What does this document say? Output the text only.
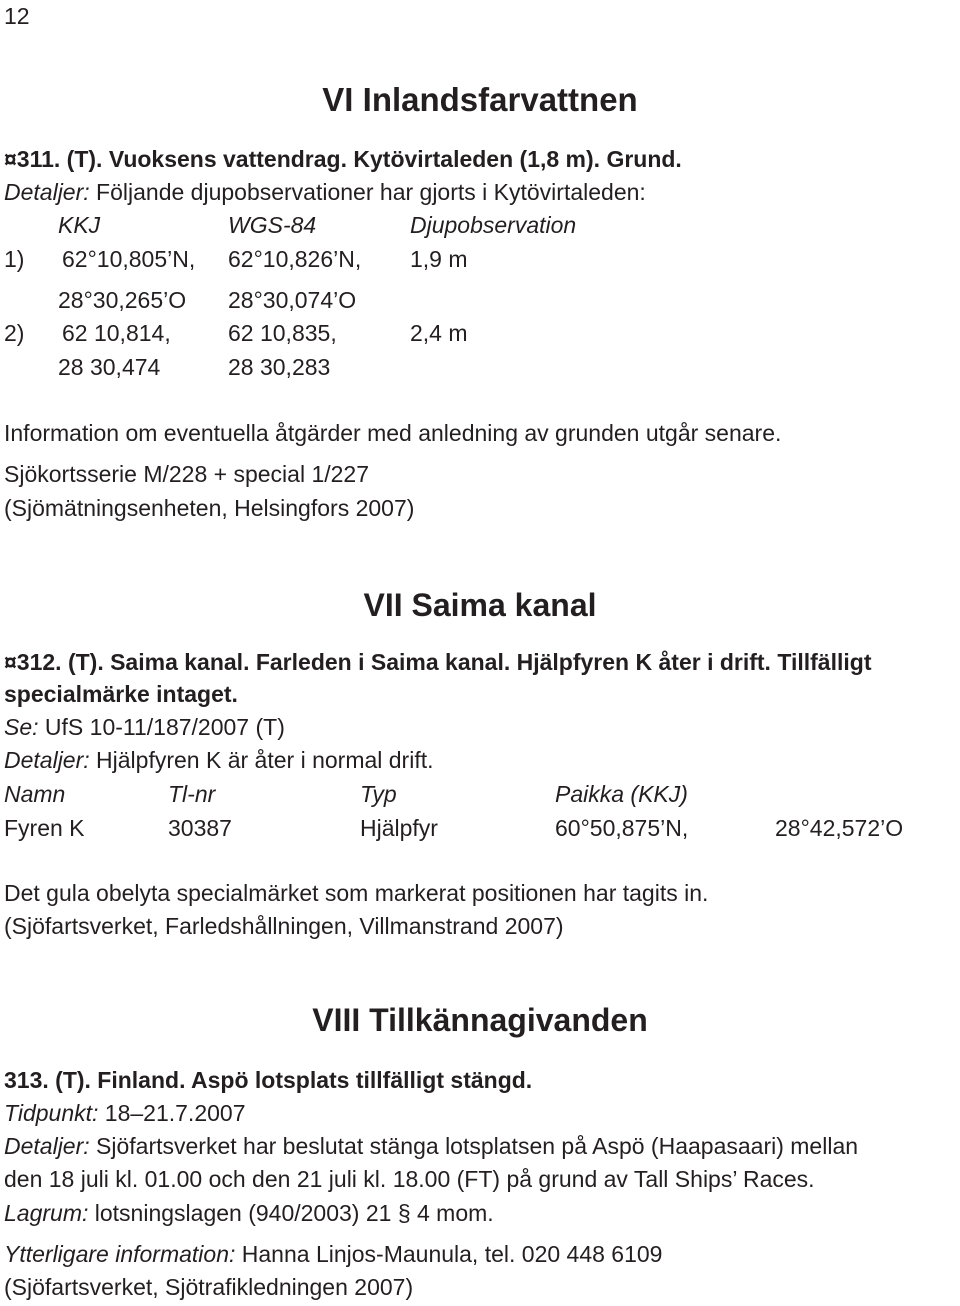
12
VI Inlandsfarvattnen
¤311. (T). Vuoksens vattendrag. Kytövirtaleden (1,8 m). Grund.
Detaljer: Följande djupobservationer har gjorts i Kytövirtaleden:
KKJ	WGS-84	Djupobservation
1) 62°10,805’N, 62°10,826’N, 1,9 m
28°30,265’O 28°30,074’O
2) 62 10,814, 62 10,835,	2,4 m
28 30,474	28 30,283
Information om eventuella åtgärder med anledning av grunden utgår senare.
Sjökortsserie M/228 + special 1/227
(Sjömätningsenheten, Helsingfors 2007)
VII Saima kanal
¤312. (T). Saima kanal. Farleden i Saima kanal. Hjälpfyren K åter i drift. Tillfälligt
specialmärke intaget.
Se: UfS 10-11/187/2007 (T)
Detaljer: Hjälpfyren K är åter i normal drift.
Namn	Tl-nr	Typ	Paikka (KKJ)
Fyren K	30387	Hjälpfyr	60°50,875’N,	28°42,572’O
Det gula obelyta specialmärket som markerat positionen har tagits in.
(Sjöfartsverket, Farledshållningen, Villmanstrand 2007)
VIII Tillkännagivanden
313. (T). Finland. Aspö lotsplats tillfälligt stängd.
Tidpunkt: 18–21.7.2007
Detaljer: Sjöfartsverket har beslutat stänga lotsplatsen på Aspö (Haapasaari) mellan
den 18 juli kl. 01.00 och den 21 juli kl. 18.00 (FT) på grund av Tall Ships’ Races.
Lagrum: lotsningslagen (940/2003) 21 § 4 mom.
Ytterligare information: Hanna Linjos-Maunula, tel. 020 448 6109
(Sjöfartsverket, Sjötrafikledningen 2007)
